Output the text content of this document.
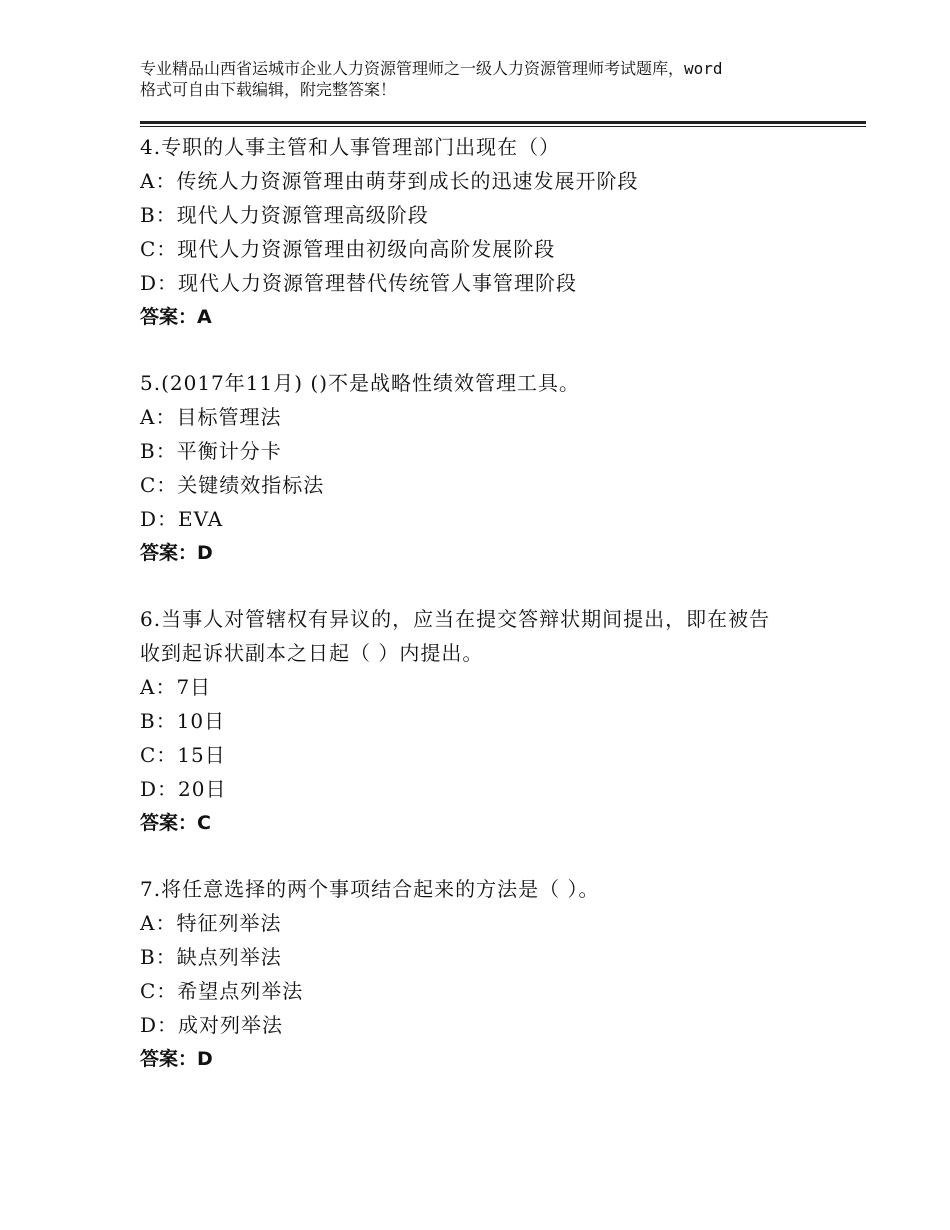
专业精品山西省运城市企业人力资源管理师之一级人力资源管理师考试题库，word
格式可自由下载编辑，附完整答案！
4.专职的人事主管和人事管理部门出现在（）
A：传统人力资源管理由萌芽到成长的迅速发展开阶段
B：现代人力资源管理高级阶段
C：现代人力资源管理由初级向高阶发展阶段
D：现代人力资源管理替代传统管人事管理阶段
答案：A
5.(2017年11月) ()不是战略性绩效管理工具。
A：目标管理法
B：平衡计分卡
C：关键绩效指标法
D：EVA
答案：D
6.当事人对管辖权有异议的，应当在提交答辩状期间提出，即在被告
收到起诉状副本之日起（ ）内提出。
A：7日
B：10日
C：15日
D：20日
答案：C
7.将任意选择的两个事项结合起来的方法是（ ）。
A：特征列举法
B：缺点列举法
C：希望点列举法
D：成对列举法
答案：D
